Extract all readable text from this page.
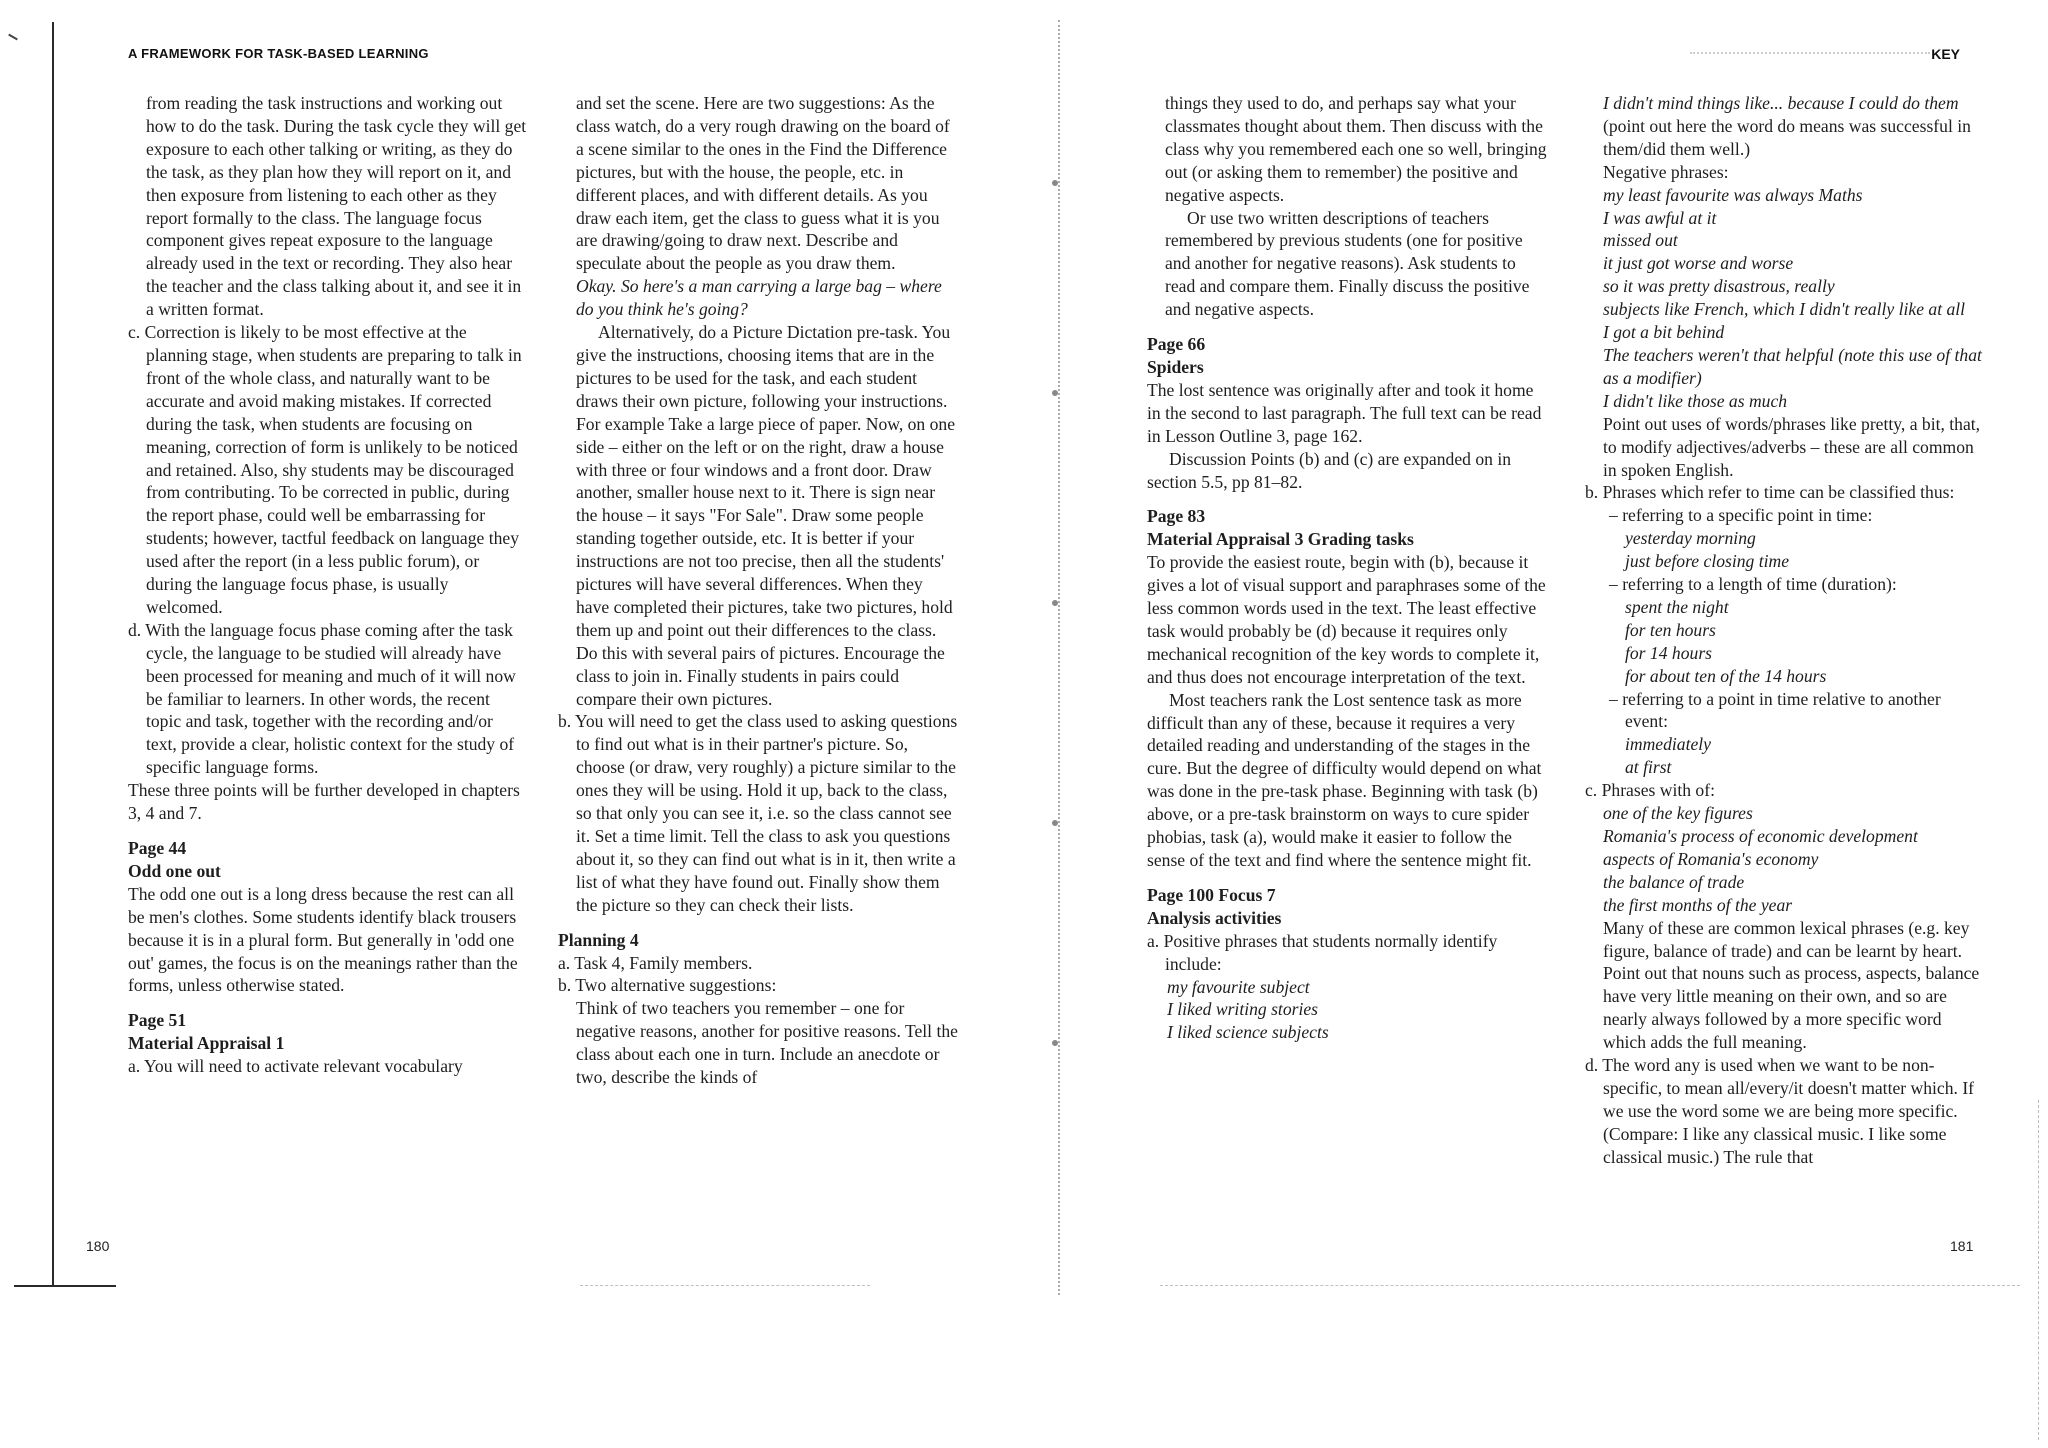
A FRAMEWORK FOR TASK-BASED LEARNING	KEY

from reading the task instructions and working out how to do the task. During the task cycle they will get exposure to each other talking or writing, as they do the task, as they plan how they will report on it, and then exposure from listening to each other as they report formally to the class. The language focus component gives repeat exposure to the language already used in the text or recording. They also hear the teacher and the class talking about it, and see it in a written format.

c. Correction is likely to be most effective at the planning stage, when students are preparing to talk in front of the whole class, and naturally want to be accurate and avoid making mistakes. If corrected during the task, when students are focusing on meaning, correction of form is unlikely to be noticed and retained. Also, shy students may be discouraged from contributing. To be corrected in public, during the report phase, could well be embarrassing for students; however, tactful feedback on language they used after the report (in a less public forum), or during the language focus phase, is usually welcomed.

d. With the language focus phase coming after the task cycle, the language to be studied will already have been processed for meaning and much of it will now be familiar to learners. In other words, the recent topic and task, together with the recording and/or text, provide a clear, holistic context for the study of specific language forms.

These three points will be further developed in chapters 3, 4 and 7.

Page 44

Odd one out

The odd one out is a long dress because the rest can all be men's clothes. Some students identify black trousers because it is in a plural form. But generally in 'odd one out' games, the focus is on the meanings rather than the forms, unless otherwise stated.

Page 51

Material Appraisal 1

a. You will need to activate relevant vocabulary

and set the scene. Here are two suggestions: As the class watch, do a very rough drawing on the board of a scene similar to the ones in the Find the Difference pictures, but with the house, the people, etc. in different places, and with different details. As you draw each item, get the class to guess what it is you are drawing/going to draw next. Describe and speculate about the people as you draw them.

Okay. So here's a man carrying a large bag – where do you think he's going?

Alternatively, do a Picture Dictation pre-task. You give the instructions, choosing items that are in the pictures to be used for the task, and each student draws their own picture, following your instructions. For example Take a large piece of paper. Now, on one side – either on the left or on the right, draw a house with three or four windows and a front door. Draw another, smaller house next to it. There is sign near the house – it says "For Sale". Draw some people standing together outside, etc. It is better if your instructions are not too precise, then all the students' pictures will have several differences. When they have completed their pictures, take two pictures, hold them up and point out their differences to the class. Do this with several pairs of pictures. Encourage the class to join in. Finally students in pairs could compare their own pictures.

b. You will need to get the class used to asking questions to find out what is in their partner's picture. So, choose (or draw, very roughly) a picture similar to the ones they will be using. Hold it up, back to the class, so that only you can see it, i.e. so the class cannot see it. Set a time limit. Tell the class to ask you questions about it, so they can find out what is in it, then write a list of what they have found out. Finally show them the picture so they can check their lists.

Planning 4

a. Task 4, Family members.

b. Two alternative suggestions:

Think of two teachers you remember – one for negative reasons, another for positive reasons. Tell the class about each one in turn. Include an anecdote or two, describe the kinds of

things they used to do, and perhaps say what your classmates thought about them. Then discuss with the class why you remembered each one so well, bringing out (or asking them to remember) the positive and negative aspects.

Or use two written descriptions of teachers remembered by previous students (one for positive and another for negative reasons). Ask students to read and compare them. Finally discuss the positive and negative aspects.

Page 66

Spiders

The lost sentence was originally after and took it home in the second to last paragraph. The full text can be read in Lesson Outline 3, page 162.

Discussion Points (b) and (c) are expanded on in section 5.5, pp 81–82.

Page 83

Material Appraisal 3 Grading tasks

To provide the easiest route, begin with (b), because it gives a lot of visual support and paraphrases some of the less common words used in the text. The least effective task would probably be (d) because it requires only mechanical recognition of the key words to complete it, and thus does not encourage interpretation of the text.

Most teachers rank the Lost sentence task as more difficult than any of these, because it requires a very detailed reading and understanding of the stages in the cure. But the degree of difficulty would depend on what was done in the pre-task phase. Beginning with task (b) above, or a pre-task brainstorm on ways to cure spider phobias, task (a), would make it easier to follow the sense of the text and find where the sentence might fit.

Page 100 Focus 7

Analysis activities

a. Positive phrases that students normally identify include:

my favourite subject

I liked writing stories

I liked science subjects

I didn't mind things like... because I could do them

(point out here the word do means was successful in them/did them well.)

Negative phrases:

my least favourite was always Maths

I was awful at it

missed out

it just got worse and worse

so it was pretty disastrous, really

subjects like French, which I didn't really like at all

I got a bit behind

The teachers weren't that helpful (note this use of that as a modifier)

I didn't like those as much

Point out uses of words/phrases like pretty, a bit, that, to modify adjectives/adverbs – these are all common in spoken English.

b. Phrases which refer to time can be classified thus:

– referring to a specific point in time:

yesterday morning

just before closing time

– referring to a length of time (duration):

spent the night

for ten hours

for 14 hours

for about ten of the 14 hours

– referring to a point in time relative to another event:

immediately

at first

c. Phrases with of:

one of the key figures

Romania's process of economic development

aspects of Romania's economy

the balance of trade

the first months of the year

Many of these are common lexical phrases (e.g. key figure, balance of trade) and can be learnt by heart. Point out that nouns such as process, aspects, balance have very little meaning on their own, and so are nearly always followed by a more specific word which adds the full meaning.

d. The word any is used when we want to be non-specific, to mean all/every/it doesn't matter which. If we use the word some we are being more specific. (Compare: I like any classical music. I like some classical music.) The rule that

180	181
